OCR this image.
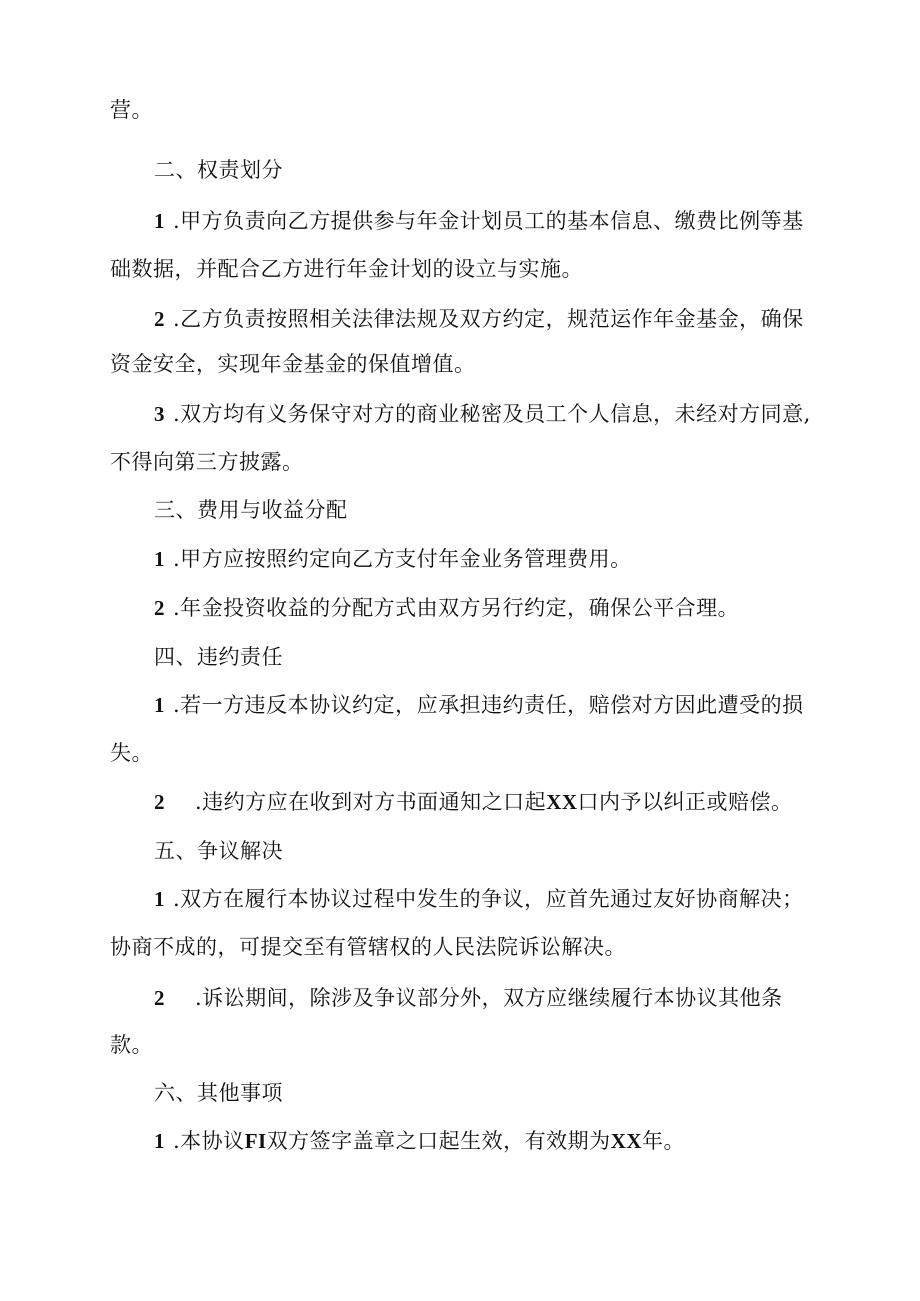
营。
二、权责划分
1 .甲方负责向乙方提供参与年金计划员工的基本信息、缴费比例等基
础数据，并配合乙方进行年金计划的设立与实施。
2 .乙方负责按照相关法律法规及双方约定，规范运作年金基金，确保
资金安全，实现年金基金的保值增值。
3 .双方均有义务保守对方的商业秘密及员工个人信息，未经对方同意,
不得向第三方披露。
三、费用与收益分配
1 .甲方应按照约定向乙方支付年金业务管理费用。
2 .年金投资收益的分配方式由双方另行约定，确保公平合理。
四、违约责任
1 .若一方违反本协议约定，应承担违约责任，赔偿对方因此遭受的损
失。
2 .违约方应在收到对方书面通知之口起XX口内予以纠正或赔偿。
五、争议解决
1 .双方在履行本协议过程中发生的争议，应首先通过友好协商解决；
协商不成的，可提交至有管辖权的人民法院诉讼解决。
2 .诉讼期间，除涉及争议部分外，双方应继续履行本协议其他条
款。
六、其他事项
1 .本协议FI双方签字盖章之口起生效，有效期为XX年。
